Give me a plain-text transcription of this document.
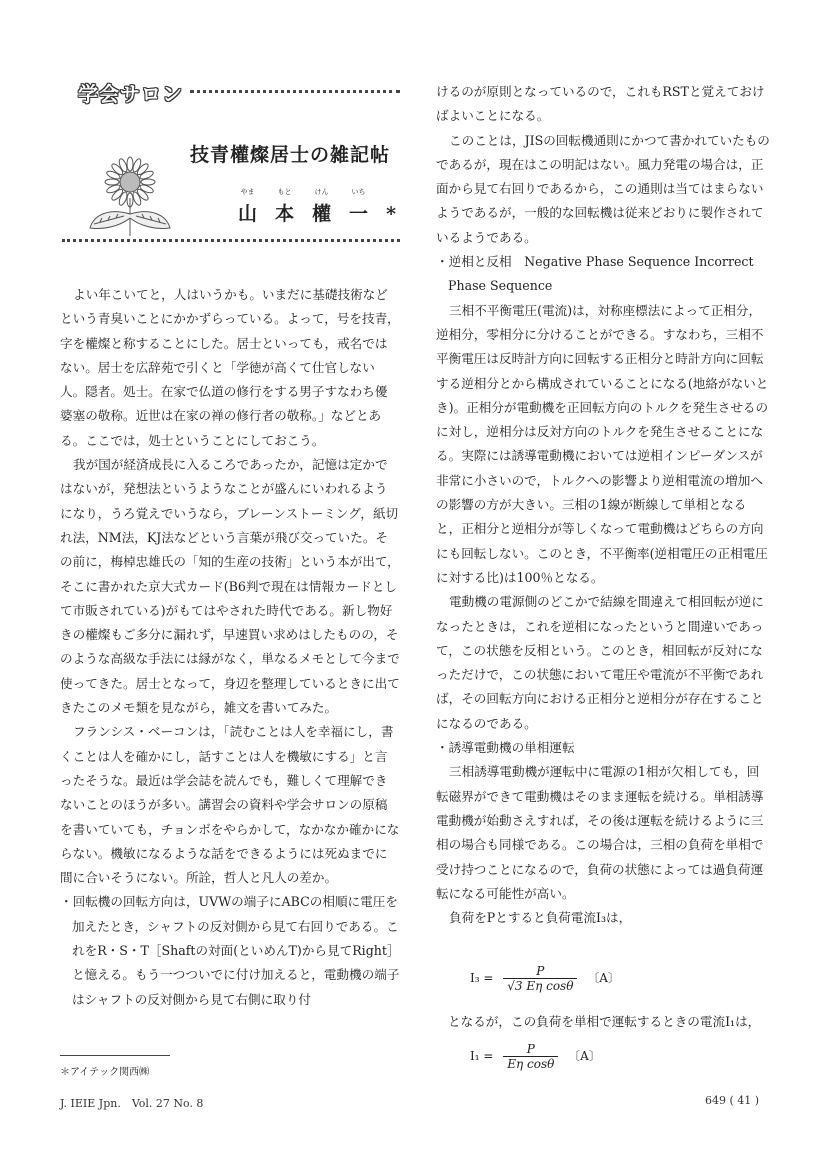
学会サロン
技青權燦居士の雑記帖
やま
山
もと
本
けん
權
いち
一 *

よい年こいてと，人はいうかも。いまだに基礎技術などという青臭いことにかかずらっている。よって，号を技青，字を權燦と称することにした。居士といっても，戒名ではない。居士を広辞苑で引くと「学徳が高くて仕官しない人。隠者。処士。在家で仏道の修行をする男子すなわち優婆塞の敬称。近世は在家の禅の修行者の敬称。」などとある。ここでは，処士ということにしておこう。

我が国が経済成長に入るころであったか，記憶は定かではないが，発想法というようなことが盛んにいわれるようになり，うろ覚えでいうなら，ブレーンストーミング，紙切れ法，NM法，KJ法などという言葉が飛び交っていた。その前に，梅棹忠雄氏の「知的生産の技術」という本が出て，そこに書かれた京大式カード(B6判で現在は情報カードとして市販されている)がもてはやされた時代である。新し物好きの權燦もご多分に漏れず，早速買い求めはしたものの，そのような高級な手法には縁がなく，単なるメモとして今まで使ってきた。居士となって，身辺を整理しているときに出てきたこのメモ類を見ながら，雑文を書いてみた。

フランシス・ベーコンは，「読むことは人を幸福にし，書くことは人を確かにし，話すことは人を機敏にする」と言ったそうな。最近は学会誌を読んでも，難しくて理解できないことのほうが多い。講習会の資料や学会サロンの原稿を書いていても，チョンボをやらかして，なかなか確かにならない。機敏になるような話をできるようには死ぬまでに間に合いそうにない。所詮，哲人と凡人の差か。

・回転機の回転方向は，UVWの端子にABCの相順に電圧を加えたとき，シャフトの反対側から見て右回りである。これをR・S・T［Shaftの対面(といめんT)から見てRight］と憶える。もう一つついでに付け加えると，電動機の端子はシャフトの反対側から見て右側に取り付

けるのが原則となっているので，これもRSTと覚えておけばよいことになる。

このことは，JISの回転機通則にかつて書かれていたものであるが，現在はこの明記はない。風力発電の場合は，正面から見て右回りであるから，この通則は当てはまらないようであるが，一般的な回転機は従来どおりに製作されているようである。

・逆相と反相　Negative Phase Sequence Incorrect Phase Sequence

三相不平衡電圧(電流)は，対称座標法によって正相分，逆相分，零相分に分けることができる。すなわち，三相不平衡電圧は反時計方向に回転する正相分と時計方向に回転する逆相分とから構成されていることになる(地絡がないとき)。正相分が電動機を正回転方向のトルクを発生させるのに対し，逆相分は反対方向のトルクを発生させることになる。実際には誘導電動機においては逆相インピーダンスが非常に小さいので，トルクへの影響より逆相電流の増加への影響の方が大きい。三相の1線が断線して単相となると，正相分と逆相分が等しくなって電動機はどちらの方向にも回転しない。このとき，不平衡率(逆相電圧の正相電圧に対する比)は100％となる。

電動機の電源側のどこかで結線を間違えて相回転が逆になったときは，これを逆相になったというと間違いであって，この状態を反相という。このとき，相回転が反対になっただけで，この状態において電圧や電流が不平衡であれば，その回転方向における正相分と逆相分が存在することになるのである。

・誘導電動機の単相運転

三相誘導電動機が運転中に電源の1相が欠相しても，回転磁界ができて電動機はそのまま運転を続ける。単相誘導電動機が始動さえすれば，その後は運転を続けるように三相の場合も同様である。この場合は，三相の負荷を単相で受け持つことになるので，負荷の状態によっては過負荷運転になる可能性が高い。

負荷をPとすると負荷電流I₃は，

$I_3 = \frac{P}{\text{√3 Eη cosθ}}$ 〔A〕
となるが，この負荷を単相で運転するときの電流I₁は，
$I_1 = \frac{P}{\text{Eη cosθ}}$ 〔A〕
＊アイテック関西㈱
J. IEIE Jpn.　Vol. 27 No. 8	649 ( 41 )
